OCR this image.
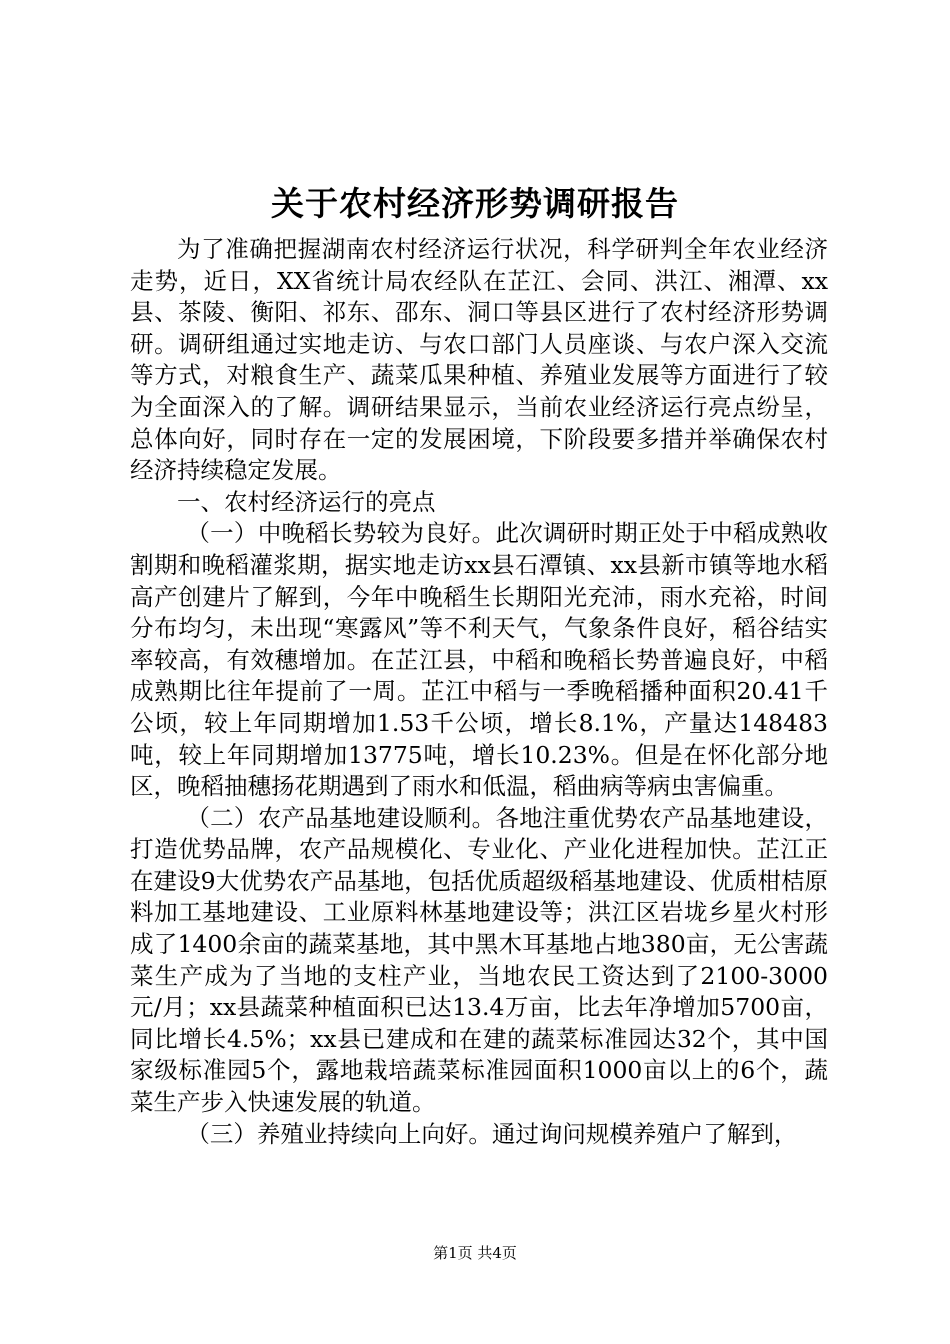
关于农村经济形势调研报告

为了准确把握湖南农村经济运行状况，科学研判全年农业经济走势，近日，XX省统计局农经队在芷江、会同、洪江、湘潭、xx县、茶陵、衡阳、祁东、邵东、洞口等县区进行了农村经济形势调研。调研组通过实地走访、与农口部门人员座谈、与农户深入交流等方式，对粮食生产、蔬菜瓜果种植、养殖业发展等方面进行了较为全面深入的了解。调研结果显示，当前农业经济运行亮点纷呈，总体向好，同时存在一定的发展困境，下阶段要多措并举确保农村经济持续稳定发展。

一、农村经济运行的亮点

（一）中晚稻长势较为良好。此次调研时期正处于中稻成熟收割期和晚稻灌浆期，据实地走访xx县石潭镇、xx县新市镇等地水稻高产创建片了解到，今年中晚稻生长期阳光充沛，雨水充裕，时间分布均匀，未出现“寒露风”等不利天气，气象条件良好，稻谷结实率较高，有效穗增加。在芷江县，中稻和晚稻长势普遍良好，中稻成熟期比往年提前了一周。芷江中稻与一季晚稻播种面积20.41千公顷，较上年同期增加1.53千公顷，增长8.1%，产量达148483吨，较上年同期增加13775吨，增长10.23%。但是在怀化部分地区，晚稻抽穗扬花期遇到了雨水和低温，稻曲病等病虫害偏重。

（二）农产品基地建设顺利。各地注重优势农产品基地建设，打造优势品牌，农产品规模化、专业化、产业化进程加快。芷江正在建设9大优势农产品基地，包括优质超级稻基地建设、优质柑桔原料加工基地建设、工业原料林基地建设等；洪江区岩垅乡星火村形成了1400余亩的蔬菜基地，其中黑木耳基地占地380亩，无公害蔬菜生产成为了当地的支柱产业，当地农民工资达到了2100-3000元/月；xx县蔬菜种植面积已达13.4万亩，比去年净增加5700亩，同比增长4.5%；xx县已建成和在建的蔬菜标准园达32个，其中国家级标准园5个，露地栽培蔬菜标准园面积1000亩以上的6个，蔬菜生产步入快速发展的轨道。

（三）养殖业持续向上向好。通过询问规模养殖户了解到，

第1页 共4页
